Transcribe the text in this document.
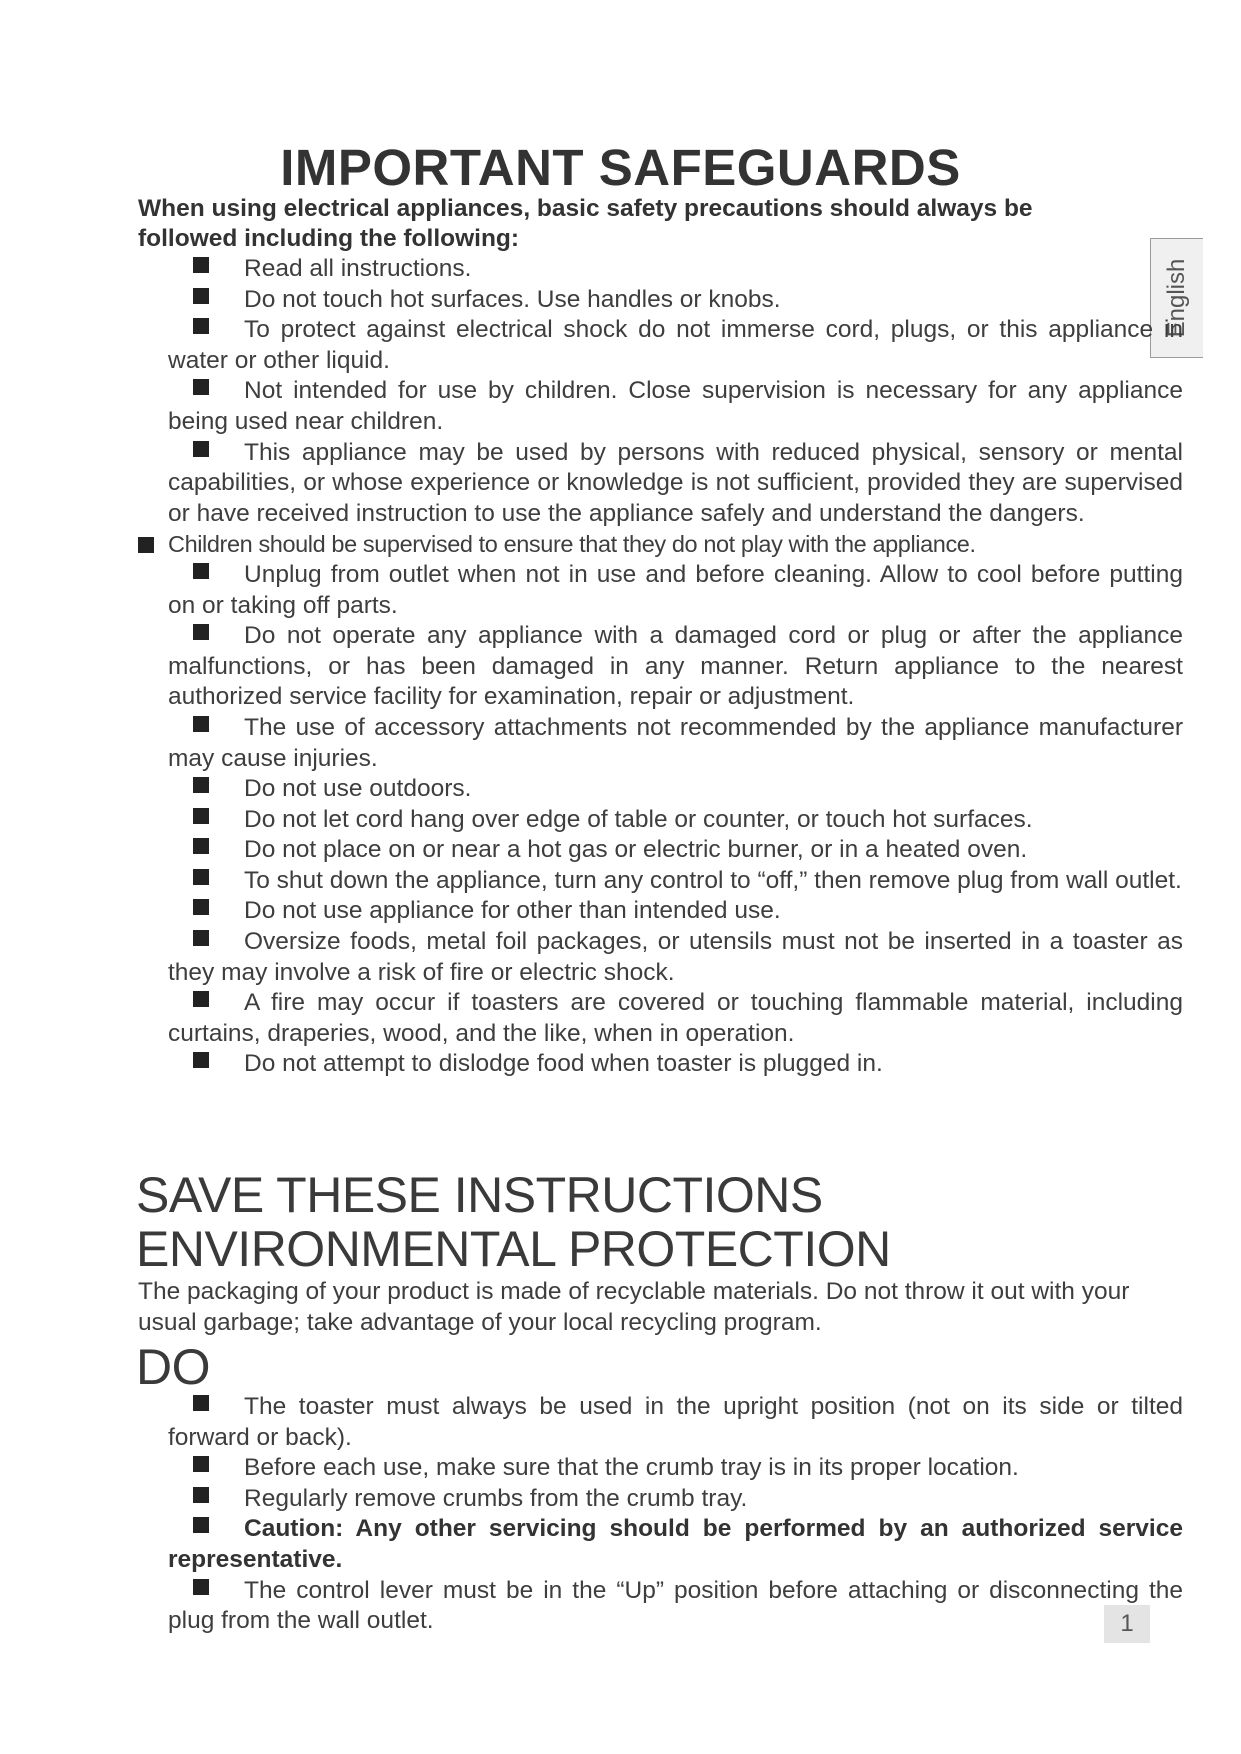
IMPORTANT SAFEGUARDS
When using electrical appliances, basic safety precautions should always be followed including the following:
English
Read all instructions.
Do not touch hot surfaces. Use handles or knobs.
To protect against electrical shock do not immerse cord, plugs, or this appliance in water or other liquid.
Not intended for use by children. Close supervision is necessary for any appliance being used near children.
This appliance may be used by persons with reduced physical, sensory or mental capabilities, or whose experience or knowledge is not sufficient, provided they are supervised or have received instruction to use the appliance safely and understand the dangers.
Children should be supervised to ensure that they do not play with the appliance.
Unplug from outlet when not in use and before cleaning. Allow to cool before putting on or taking off parts.
Do not operate any appliance with a damaged cord or plug or after the appliance malfunctions, or has been damaged in any manner. Return appliance to the nearest authorized service facility for examination, repair or adjustment.
The use of accessory attachments not recommended by the appliance manufacturer may cause injuries.
Do not use outdoors.
Do not let cord hang over edge of table or counter, or touch hot surfaces.
Do not place on or near a hot gas or electric burner, or in a heated oven.
To shut down the appliance, turn any control to “off,” then remove plug from wall outlet.
Do not use appliance for other than intended use.
Oversize foods, metal foil packages, or utensils must not be inserted in a toaster as they may involve a risk of fire or electric shock.
A fire may occur if toasters are covered or touching flammable material, including curtains, draperies, wood, and the like, when in operation.
Do not attempt to dislodge food when toaster is plugged in.
SAVE THESE INSTRUCTIONS
ENVIRONMENTAL PROTECTION
The packaging of your product is made of recyclable materials. Do not throw it out with your usual garbage; take advantage of your local recycling program.
DO
The toaster must always be used in the upright position (not on its side or tilted forward or back).
Before each use, make sure that the crumb tray is in its proper location.
Regularly remove crumbs from the crumb tray.
Caution: Any other servicing should be performed by an authorized service representative.
The control lever must be in the “Up” position before attaching or disconnecting the plug from the wall outlet.	1
